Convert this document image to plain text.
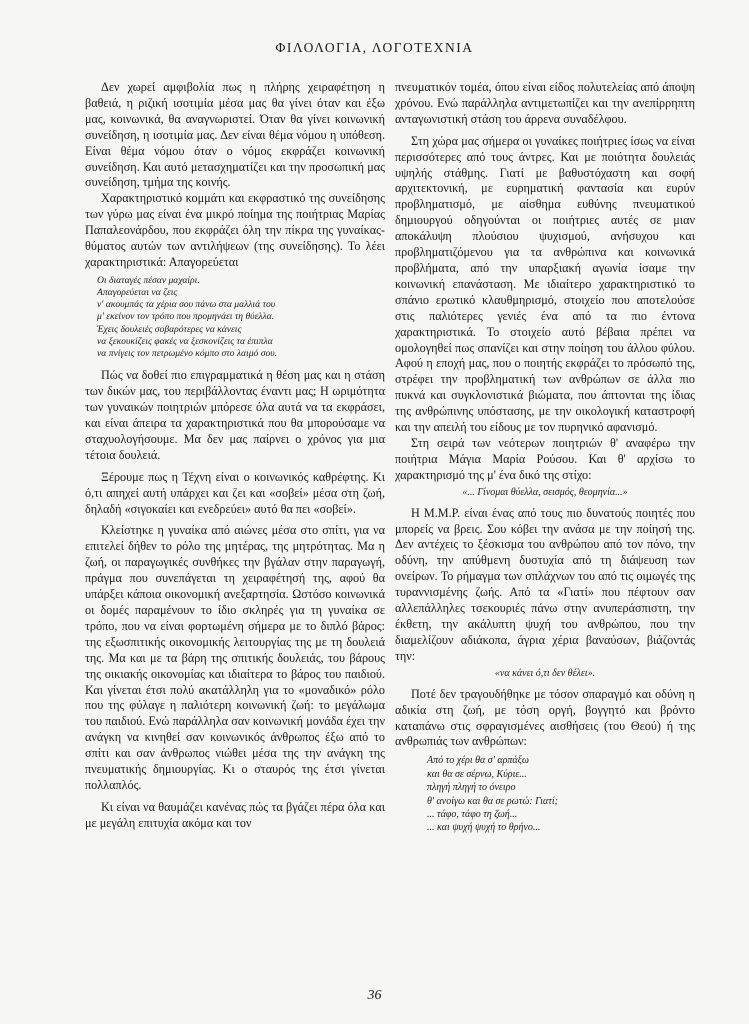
ΦΙΛΟΛΟΓΙΑ, ΛΟΓΟΤΕΧΝΙΑ

Δεν χωρεί αμφιβολία πως η πλήρης χειραφέτηση η βαθειά, η ριζική ισοτιμία μέσα μας θα γίνει όταν και έξω μας, κοινωνικά, θα αναγνωριστεί. Όταν θα γίνει κοινωνική συνείδηση, η ισοτιμία μας. Δεν είναι θέμα νόμου η υπόθεση. Είναι θέμα νόμου όταν ο νόμος εκφράζει κοινωνική συνείδηση. Και αυτό μετασχηματίζει και την προσωπική μας συνείδηση, τμήμα της κοινής.

Χαρακτηριστικό κομμάτι και εκφραστικό της συνείδησης των γύρω μας είναι ένα μικρό ποίημα της ποιήτριας Μαρίας Παπαλεονάρδου, που εκφράζει όλη την πίκρα της γυναίκας-θύματος αυτών των αντιλήψεων (της συνείδησης). Το λέει χαρακτηριστικά: Απαγορεύεται

Οι διαταγές πέσαν μαχαίρι.
Απαγορεύεται να ζεις
ν' ακουμπάς τα χέρια σου πάνω στα μαλλιά του
μ' εκείνον τον τρόπο που προμηνάει τη θύελλα.
Έχεις δουλειές σοβαρότερες να κάνεις
να ξεκουκίζεις φακές να ξεσκονίζεις τα έπιπλα
να πνίγεις τον πετρωμένο κόμπο στο λαιμό σου.

Πώς να δοθεί πιο επιγραμματικά η θέση μας και η στάση των δικών μας, του περιβάλλοντας έναντι μας; Η ωριμότητα των γυναικών ποιητριών μπόρεσε όλα αυτά να τα εκφράσει, και είναι άπειρα τα χαρακτηριστικά που θα μπορούσαμε να σταχυολογήσουμε. Μα δεν μας παίρνει ο χρόνος για μια τέτοια δουλειά.

Ξέρουμε πως η Τέχνη είναι ο κοινωνικός καθρέφτης. Κι ό,τι απηχεί αυτή υπάρχει και ζει και «σοβεί» μέσα στη ζωή, δηλαδή «σιγοκαίει και ενεδρεύει» αυτό θα πει «σοβεί».

Κλείστηκε η γυναίκα από αιώνες μέσα στο σπίτι, για να επιτελεί δήθεν το ρόλο της μητέρας, της μητρότητας. Μα η ζωή, οι παραγωγικές συνθήκες την βγάλαν στην παραγωγή, πράγμα που συνεπάγεται τη χειραφέτησή της, αφού θα υπάρξει κάποια οικονομική ανεξαρτησία. Ωστόσο κοινωνικά οι δομές παραμένουν το ίδιο σκληρές για τη γυναίκα σε τρόπο, που να είναι φορτωμένη σήμερα με το διπλό βάρος: της εξωσπιτικής οικονομικής λειτουργίας της με τη δουλειά της. Μα και με τα βάρη της σπιτικής δουλειάς, του βάρους της οικιακής οικονομίας και ιδιαίτερα το βάρος του παιδιού. Και γίνεται έτσι πολύ ακατάλληλη για το «μοναδικό» ρόλο που της φύλαγε η παλιότερη κοινωνική ζωή: το μεγάλωμα του παιδιού. Ενώ παράλληλα σαν κοινωνική μονάδα έχει την ανάγκη να κινηθεί σαν κοινωνικός άνθρωπος έξω από το σπίτι και σαν άνθρωπος νιώθει μέσα της την ανάγκη της πνευματικής δημιουργίας. Κι ο σταυρός της έτσι γίνεται πολλαπλός.

Κι είναι να θαυμάζει κανένας πώς τα βγάζει πέρα όλα και με μεγάλη επιτυχία ακόμα και τον

πνευματικόν τομέα, όπου είναι είδος πολυτελείας από άποψη χρόνου. Ενώ παράλληλα αντιμετωπίζει και την ανεπίρρηπτη ανταγωνιστική στάση του άρρενα συναδέλφου.

Στη χώρα μας σήμερα οι γυναίκες ποιήτριες ίσως να είναι περισσότερες από τους άντρες. Και με ποιότητα δουλειάς υψηλής στάθμης. Γιατί με βαθυστόχαστη και σοφή αρχιτεκτονική, με ευρηματική φαντασία και ευρύν προβληματισμό, με αίσθημα ευθύνης πνευματικού δημιουργού οδηγούνται οι ποιήτριες αυτές σε μιαν αποκάλυψη πλούσιου ψυχισμού, ανήσυχου και προβληματιζόμενου για τα ανθρώπινα και κοινωνικά προβλήματα, από την υπαρξιακή αγωνία ίσαμε την κοινωνική επανάσταση. Με ιδιαίτερο χαρακτηριστικό το σπάνιο ερωτικό κλαυθμηρισμό, στοιχείο που αποτελούσε στις παλιότερες γενιές ένα από τα πιο έντονα χαρακτηριστικά. Το στοιχείο αυτό βέβαια πρέπει να ομολογηθεί πως σπανίζει και στην ποίηση του άλλου φύλου. Αφού η εποχή μας, που ο ποιητής εκφράζει το πρόσωπό της, στρέφει την προβληματική των ανθρώπων σε άλλα πιο πυκνά και συγκλονιστικά βιώματα, που άπτονται της ίδιας της ανθρώπινης υπόστασης, με την οικολογική καταστροφή και την απειλή του είδους με τον πυρηνικό αφανισμό.

Στη σειρά των νεότερων ποιητριών θ' αναφέρω την ποιήτρια Μάγια Μαρία Ρούσου. Και θ' αρχίσω το χαρακτηρισμό της μ' ένα δικό της στίχο:

«... Γίνομαι θύελλα, σεισμός, θεομηνία...»

Η Μ.Μ.Ρ. είναι ένας από τους πιο δυνατούς ποιητές που μπορείς να βρεις. Σου κόβει την ανάσα με την ποίησή της. Δεν αντέχεις το ξέσκισμα του ανθρώπου από τον πόνο, την οδύνη, την απύθμενη δυστυχία από τη διάψευση των ονείρων. Το ρήμαγμα των σπλάχνων του από τις οιμωγές της τυραννισμένης ζωής. Από τα «Γιατί» που πέφτουν σαν αλλεπάλληλες τσεκουριές πάνω στην ανυπεράσπιστη, την έκθετη, την ακάλυπτη ψυχή του ανθρώπου, που την διαμελίζουν αδιάκοπα, άγρια χέρια βαναύσων, βιάζοντάς την:

«να κάνει ό,τι δεν θέλει».

Ποτέ δεν τραγουδήθηκε με τόσον σπαραγμό και οδύνη η αδικία στη ζωή, με τόση οργή, βογγητό και βρόντο καταπάνω στις σφραγισμένες αισθήσεις (του Θεού) ή της ανθρωπιάς των ανθρώπων:

Από το χέρι θα σ' αρπάξω
και θα σε σέρνω, Κύριε...
πληγή πληγή το όνειρο
θ' ανοίγω και θα σε ρωτώ: Γιατί;
... τάφο, τάφο τη ζωή...
... και ψυχή ψυχή το θρήνο...
36
